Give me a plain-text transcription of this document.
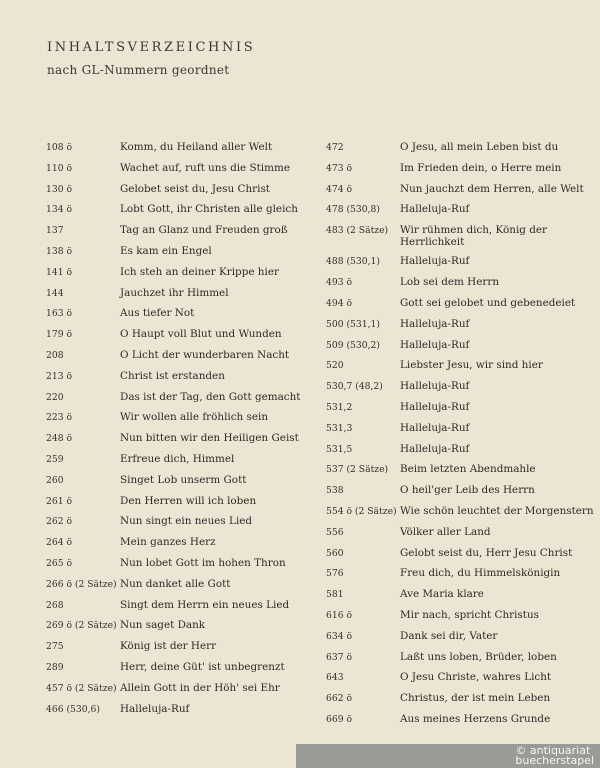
INHALTSVERZEICHNIS
nach GL-Nummern geordnet
108 ö	Komm, du Heiland aller Welt
110 ö	Wachet auf, ruft uns die Stimme
130 ö	Gelobet seist du, Jesu Christ
134 ö	Lobt Gott, ihr Christen alle gleich
137	Tag an Glanz und Freuden groß
138 ö	Es kam ein Engel
141 ö	Ich steh an deiner Krippe hier
144	Jauchzet ihr Himmel
163 ö	Aus tiefer Not
179 ö	O Haupt voll Blut und Wunden
208	O Licht der wunderbaren Nacht
213 ö	Christ ist erstanden
220	Das ist der Tag, den Gott gemacht
223 ö	Wir wollen alle fröhlich sein
248 ö	Nun bitten wir den Heiligen Geist
259	Erfreue dich, Himmel
260	Singet Lob unserm Gott
261 ö	Den Herren will ich loben
262 ö	Nun singt ein neues Lied
264 ö	Mein ganzes Herz
265 ö	Nun lobet Gott im hohen Thron
266 ö (2 Sätze) Nun danket alle Gott
268	Singt dem Herrn ein neues Lied
269 ö (2 Sätze) Nun saget Dank
275	König ist der Herr
289	Herr, deine Güt' ist unbegrenzt
457 ö (2 Sätze) Allein Gott in der Höh' sei Ehr
466 (530,6) Halleluja-Ruf
472	O Jesu, all mein Leben bist du
473 ö	Im Frieden dein, o Herre mein
474 ö	Nun jauchzt dem Herren, alle Welt
478 (530,8) Halleluja-Ruf
483 (2 Sätze) Wir rühmen dich, König der Herrlichkeit
488 (530,1) Halleluja-Ruf
493 ö	Lob sei dem Herrn
494 ö	Gott sei gelobet und gebenedeiet
500 (531,1) Halleluja-Ruf
509 (530,2) Halleluja-Ruf
520	Liebster Jesu, wir sind hier
530,7 (48,2) Halleluja-Ruf
531,2	Halleluja-Ruf
531,3	Halleluja-Ruf
531,5	Halleluja-Ruf
537 (2 Sätze) Beim letzten Abendmahle
538	O heil'ger Leib des Herrn
554 ö (2 Sätze) Wie schön leuchtet der Morgenstern
556	Völker aller Land
560	Gelobt seist du, Herr Jesu Christ
576	Freu dich, du Himmelskönigin
581	Ave Maria klare
616 ö	Mir nach, spricht Christus
634 ö	Dank sei dir, Vater
637 ö	Laßt uns loben, Brüder, loben
643	O Jesu Christe, wahres Licht
662 ö	Christus, der ist mein Leben
669 ö	Aus meines Herzens Grunde
© antiquariat
buecherstapel
